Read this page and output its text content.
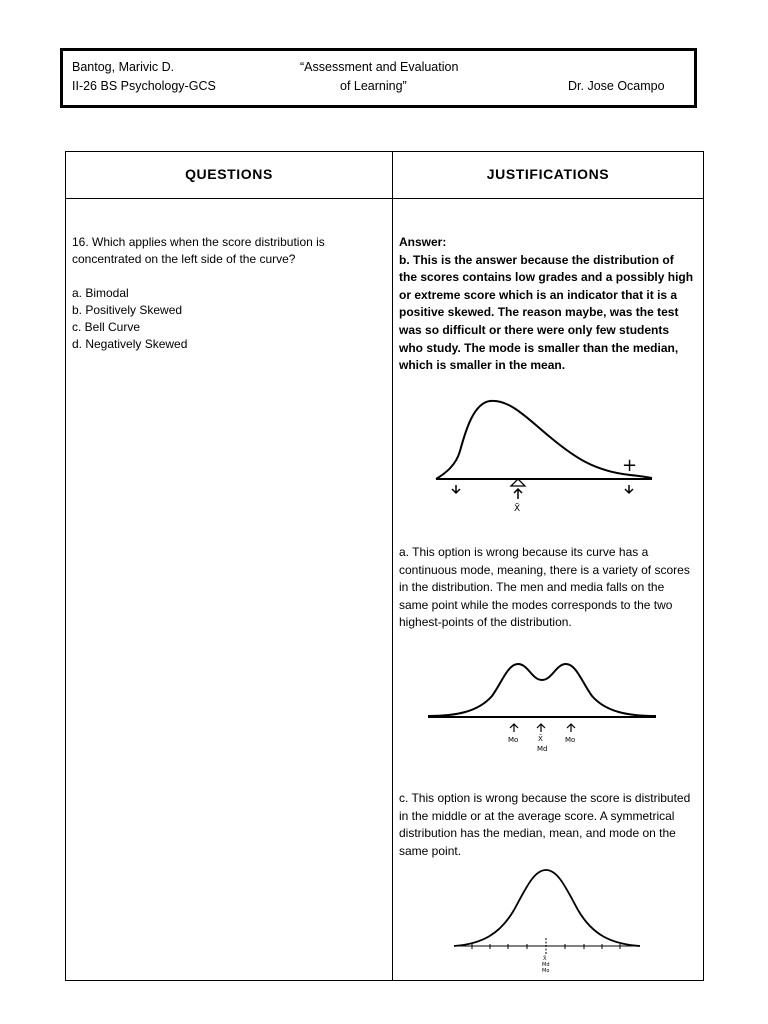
Bantog, Marivic D.
II-26 BS Psychology-GCS
“Assessment and Evaluation
of Learning”	Dr. Jose Ocampo
QUESTIONS	JUSTIFICATIONS

16. Which applies when the score distribution is concentrated on the left side of the curve?

a. Bimodal

b. Positively Skewed

c. Bell Curve

d. Negatively Skewed

Answer:

b. This is the answer because the distribution of the scores contains low grades and a possibly high or extreme score which is an indicator that it is a positive skewed. The reason maybe, was the test was so difficult or there were only few students who study. The mode is smaller than the median, which is smaller in the mean.

+
X̄
a. This option is wrong because its curve has a continuous mode, meaning, there is a variety of scores in the distribution. The men and media falls on the same point while the modes corresponds to the two highest-points of the distribution.
Mo	X̄
Md
Mo
c. This option is wrong because the score is distributed in the middle or at the average score. A symmetrical distribution has the median, mean, and mode on the same point.
X̄
Md
Mo
